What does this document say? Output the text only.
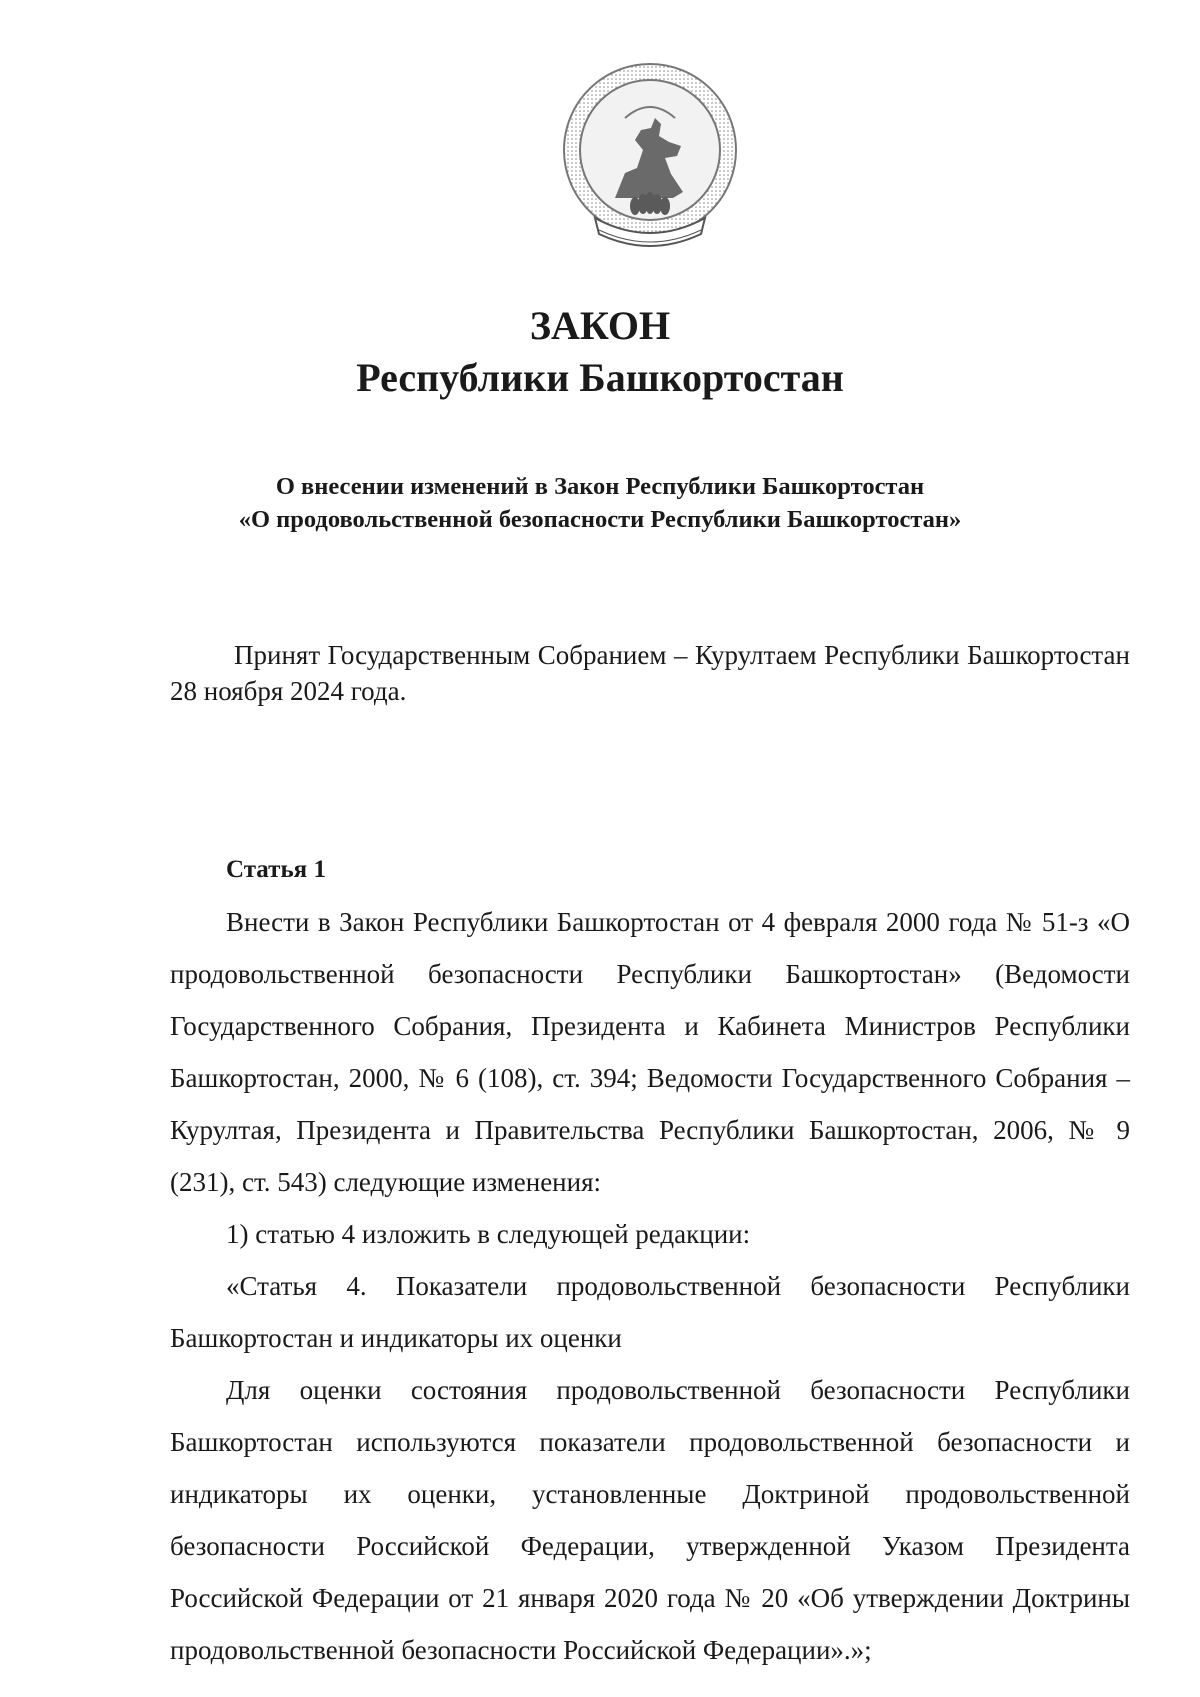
ЗАКОН
Республики Башкортостан
О внесении изменений в Закон Республики Башкортостан
«О продовольственной безопасности Республики Башкортостан»
Принят Государственным Собранием – Курултаем Республики Башкортостан 28 ноября 2024 года.
Статья 1

Внести в Закон Республики Башкортостан от 4 февраля 2000 года № 51-з «О продовольственной безопасности Республики Башкортостан» (Ведомости Государственного Собрания, Президента и Кабинета Министров Республики Башкортостан, 2000, № 6 (108), ст. 394; Ведомости Государственного Собрания – Курултая, Президента и Правительства Республики Башкортостан, 2006, № 9 (231), ст. 543) следующие изменения:

1) статью 4 изложить в следующей редакции:

«Статья 4. Показатели продовольственной безопасности Республики Башкортостан и индикаторы их оценки

Для оценки состояния продовольственной безопасности Республики Башкортостан используются показатели продовольственной безопасности и индикаторы их оценки, установленные Доктриной продовольственной безопасности Российской Федерации, утвержденной Указом Президента Российской Федерации от 21 января 2020 года № 20 «Об утверждении Доктрины продовольственной безопасности Российской Федерации».»;
